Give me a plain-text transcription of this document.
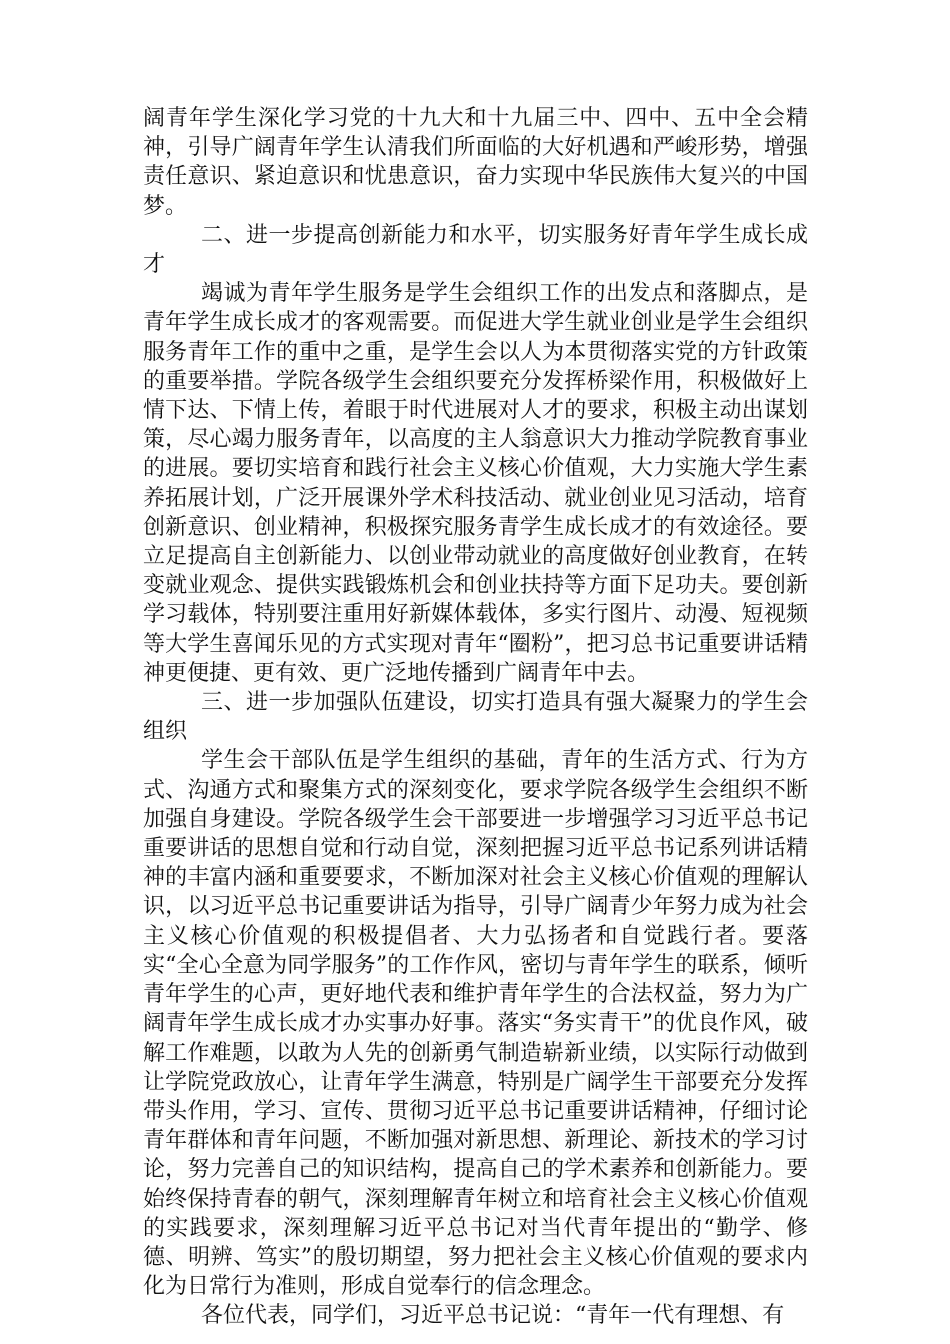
阔青年学生深化学习党的十九大和十九届三中、四中、五中全会精神，引导广阔青年学生认清我们所面临的大好机遇和严峻形势，增强责任意识、紧迫意识和忧患意识，奋力实现中华民族伟大复兴的中国梦。

二、进一步提高创新能力和水平，切实服务好青年学生成长成才

竭诚为青年学生服务是学生会组织工作的出发点和落脚点，是青年学生成长成才的客观需要。而促进大学生就业创业是学生会组织服务青年工作的重中之重，是学生会以人为本贯彻落实党的方针政策的重要举措。学院各级学生会组织要充分发挥桥梁作用，积极做好上情下达、下情上传，着眼于时代进展对人才的要求，积极主动出谋划策，尽心竭力服务青年，以高度的主人翁意识大力推动学院教育事业的进展。要切实培育和践行社会主义核心价值观，大力实施大学生素养拓展计划，广泛开展课外学术科技活动、就业创业见习活动，培育创新意识、创业精神，积极探究服务青学生成长成才的有效途径。要立足提高自主创新能力、以创业带动就业的高度做好创业教育，在转变就业观念、提供实践锻炼机会和创业扶持等方面下足功夫。要创新学习载体，特别要注重用好新媒体载体，多实行图片、动漫、短视频等大学生喜闻乐见的方式实现对青年“圈粉”，把习总书记重要讲话精神更便捷、更有效、更广泛地传播到广阔青年中去。

三、进一步加强队伍建设，切实打造具有强大凝聚力的学生会组织

学生会干部队伍是学生组织的基础，青年的生活方式、行为方式、沟通方式和聚集方式的深刻变化，要求学院各级学生会组织不断加强自身建设。学院各级学生会干部要进一步增强学习习近平总书记重要讲话的思想自觉和行动自觉，深刻把握习近平总书记系列讲话精神的丰富内涵和重要要求，不断加深对社会主义核心价值观的理解认识，以习近平总书记重要讲话为指导，引导广阔青少年努力成为社会主义核心价值观的积极提倡者、大力弘扬者和自觉践行者。要落实“全心全意为同学服务”的工作作风，密切与青年学生的联系，倾听青年学生的心声，更好地代表和维护青年学生的合法权益，努力为广阔青年学生成长成才办实事办好事。落实“务实青干”的优良作风，破解工作难题，以敢为人先的创新勇气制造崭新业绩，以实际行动做到让学院党政放心，让青年学生满意，特别是广阔学生干部要充分发挥带头作用，学习、宣传、贯彻习近平总书记重要讲话精神，仔细讨论青年群体和青年问题，不断加强对新思想、新理论、新技术的学习讨论，努力完善自己的知识结构，提高自己的学术素养和创新能力。要始终保持青春的朝气，深刻理解青年树立和培育社会主义核心价值观的实践要求，深刻理解习近平总书记对当代青年提出的“勤学、修德、明辨、笃实”的殷切期望，努力把社会主义核心价值观的要求内化为日常行为准则，形成自觉奉行的信念理念。

各位代表，同学们，习近平总书记说：“青年一代有理想、有
